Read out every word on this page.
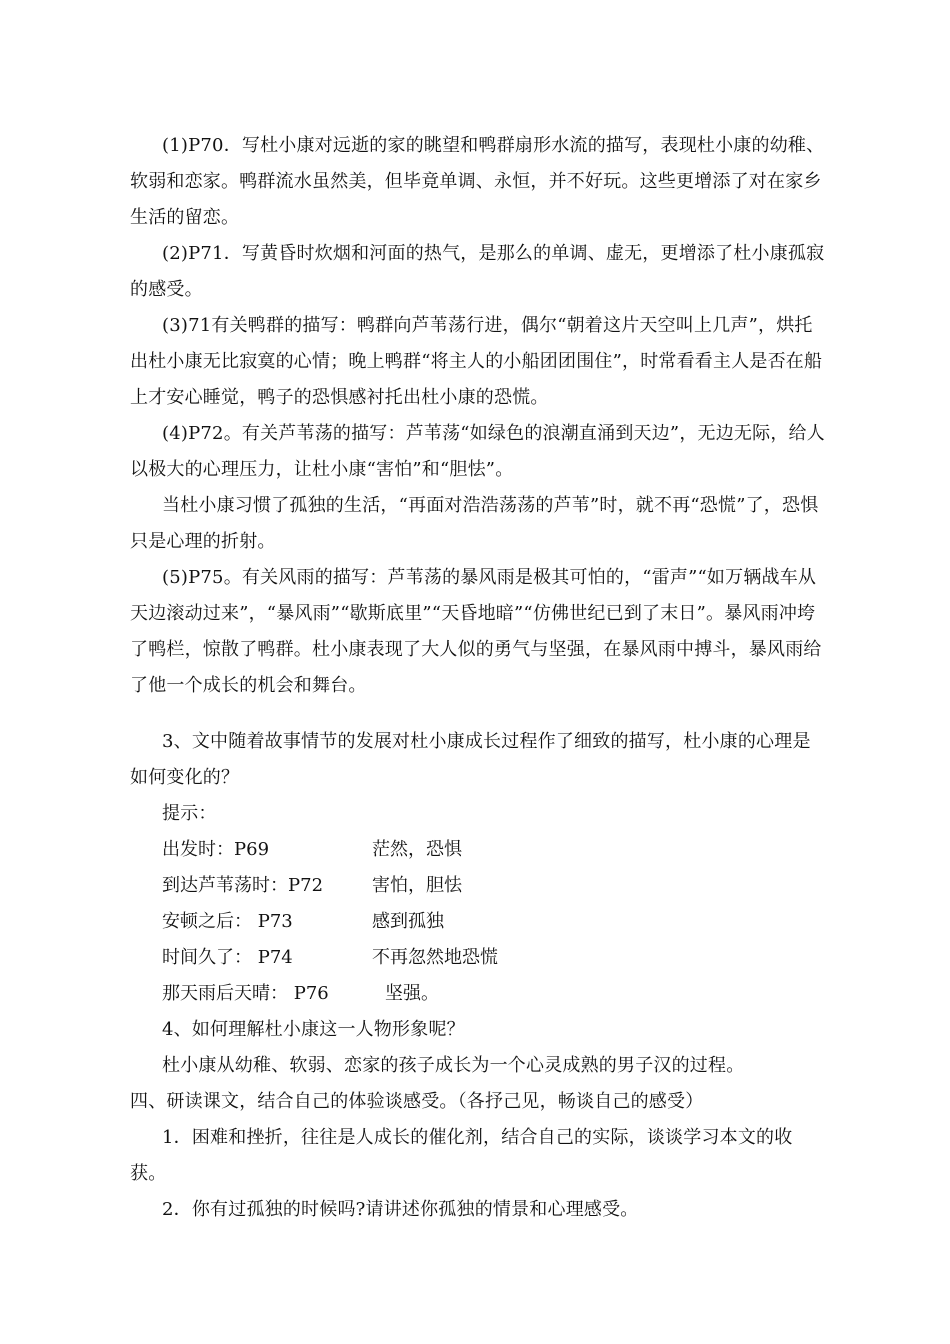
(1)P70．写杜小康对远逝的家的眺望和鸭群扇形水流的描写，表现杜小康的幼稚、软弱和恋家。鸭群流水虽然美，但毕竟单调、永恒，并不好玩。这些更增添了对在家乡生活的留恋。

(2)P71．写黄昏时炊烟和河面的热气，是那么的单调、虚无，更增添了杜小康孤寂的感受。

(3)71有关鸭群的描写：鸭群向芦苇荡行进，偶尔“朝着这片天空叫上几声”，烘托出杜小康无比寂寞的心情；晚上鸭群“将主人的小船团团围住”，时常看看主人是否在船上才安心睡觉，鸭子的恐惧感衬托出杜小康的恐慌。

(4)P72。有关芦苇荡的描写：芦苇荡“如绿色的浪潮直涌到天边”，无边无际，给人以极大的心理压力，让杜小康“害怕”和“胆怯”。

当杜小康习惯了孤独的生活，“再面对浩浩荡荡的芦苇”时，就不再“恐慌”了，恐惧只是心理的折射。

(5)P75。有关风雨的描写：芦苇荡的暴风雨是极其可怕的，“雷声”“如万辆战车从天边滚动过来”，“暴风雨”“歇斯底里”“天昏地暗”“仿佛世纪已到了末日”。暴风雨冲垮了鸭栏，惊散了鸭群。杜小康表现了大人似的勇气与坚强，在暴风雨中搏斗，暴风雨给了他一个成长的机会和舞台。

3、文中随着故事情节的发展对杜小康成长过程作了细致的描写，杜小康的心理是如何变化的？

提示：

出发时：P69	茫然，恐惧
到达芦苇荡时：P72	害怕，胆怯
安顿之后： P73	感到孤独
时间久了： P74	不再忽然地恐慌
那天雨后天晴： P76	坚强。

4、如何理解杜小康这一人物形象呢？

杜小康从幼稚、软弱、恋家的孩子成长为一个心灵成熟的男子汉的过程。

四、研读课文，结合自己的体验谈感受。（各抒己见，畅谈自己的感受）

1．困难和挫折，往往是人成长的催化剂，结合自己的实际，谈谈学习本文的收获。

2．你有过孤独的时候吗?请讲述你孤独的情景和心理感受。
